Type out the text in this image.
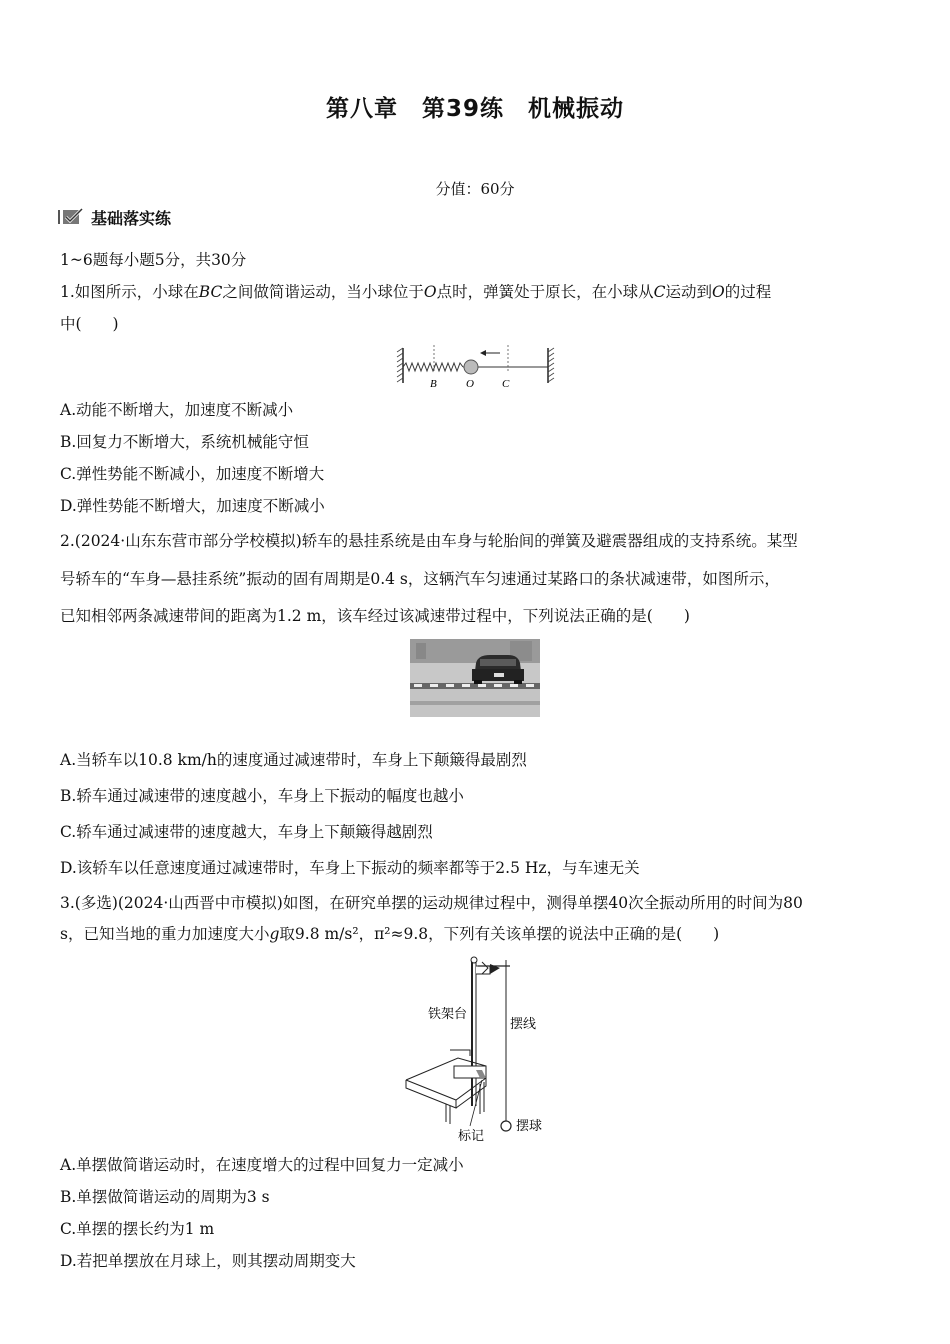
第八章　第39练　机械振动
分值：60分
基础落实练
1~6题每小题5分，共30分
1.如图所示，小球在BC之间做简谐运动，当小球位于O点时，弹簧处于原长，在小球从C运动到O的过程
中(　　)
B	O	C
A.动能不断增大，加速度不断减小
B.回复力不断增大，系统机械能守恒
C.弹性势能不断减小，加速度不断增大
D.弹性势能不断增大，加速度不断减小
2.(2024·山东东营市部分学校模拟)轿车的悬挂系统是由车身与轮胎间的弹簧及避震器组成的支持系统。某型
号轿车的“车身—悬挂系统”振动的固有周期是0.4 s，这辆汽车匀速通过某路口的条状减速带，如图所示，
已知相邻两条减速带间的距离为1.2 m，该车经过该减速带过程中，下列说法正确的是(　　)
A.当轿车以10.8 km/h的速度通过减速带时，车身上下颠簸得最剧烈
B.轿车通过减速带的速度越小，车身上下振动的幅度也越小
C.轿车通过减速带的速度越大，车身上下颠簸得越剧烈
D.该轿车以任意速度通过减速带时，车身上下振动的频率都等于2.5 Hz，与车速无关
3.(多选)(2024·山西晋中市模拟)如图，在研究单摆的运动规律过程中，测得单摆40次全振动所用的时间为80
s，已知当地的重力加速度大小g取9.8 m/s²，π²≈9.8，下列有关该单摆的说法中正确的是(　　)
铁架台
摆线
标记
摆球
A.单摆做简谐运动时，在速度增大的过程中回复力一定减小
B.单摆做简谐运动的周期为3 s
C.单摆的摆长约为1 m
D.若把单摆放在月球上，则其摆动周期变大
